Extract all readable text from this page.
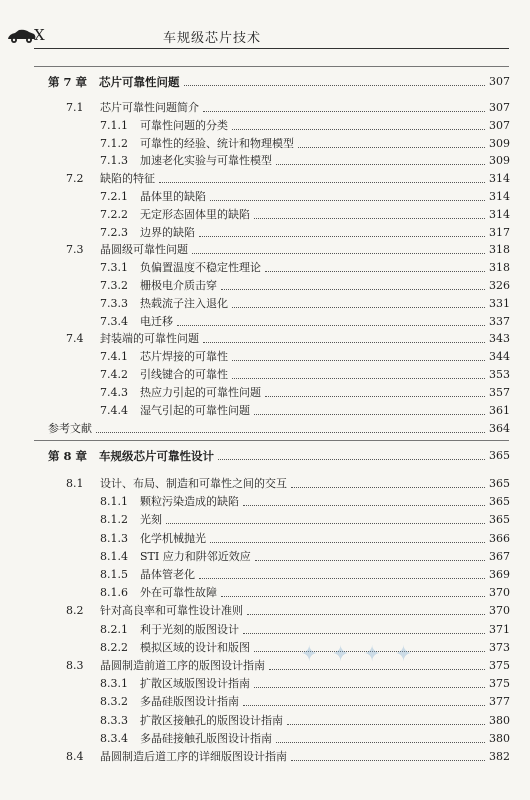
X	车规级芯片技术
第 7 章 芯片可靠性问题	307
7.1	芯片可靠性问题简介	307
7.1.1	可靠性问题的分类	307
7.1.2	可靠性的经验、统计和物理模型	309
7.1.3	加速老化实验与可靠性模型	309
7.2	缺陷的特征	314
7.2.1	晶体里的缺陷	314
7.2.2	无定形态固体里的缺陷	314
7.2.3	边界的缺陷	317
7.3	晶圆级可靠性问题	318
7.3.1	负偏置温度不稳定性理论	318
7.3.2	栅极电介质击穿	326
7.3.3	热载流子注入退化	331
7.3.4	电迁移	337
7.4	封装端的可靠性问题	343
7.4.1	芯片焊接的可靠性	344
7.4.2	引线键合的可靠性	353
7.4.3	热应力引起的可靠性问题	357
7.4.4	湿气引起的可靠性问题	361
参考文献	364
第 8 章 车规级芯片可靠性设计	365
8.1	设计、布局、制造和可靠性之间的交互	365
8.1.1	颗粒污染造成的缺陷	365
8.1.2	光刻	365
8.1.3	化学机械抛光	366
8.1.4	STI 应力和阱邻近效应	367
8.1.5	晶体管老化	369
8.1.6	外在可靠性故障	370
8.2	针对高良率和可靠性设计准则	370
8.2.1	利于光刻的版图设计	371
8.2.2	模拟区域的设计和版图	373
8.3	晶圆制造前道工序的版图设计指南	375
8.3.1	扩散区域版图设计指南	375
8.3.2	多晶硅版图设计指南	377
8.3.3	扩散区接触孔的版图设计指南	380
8.3.4	多晶硅接触孔版图设计指南	380
8.4	晶圆制造后道工序的详细版图设计指南	382
✦ ✦ ✦ ✦
